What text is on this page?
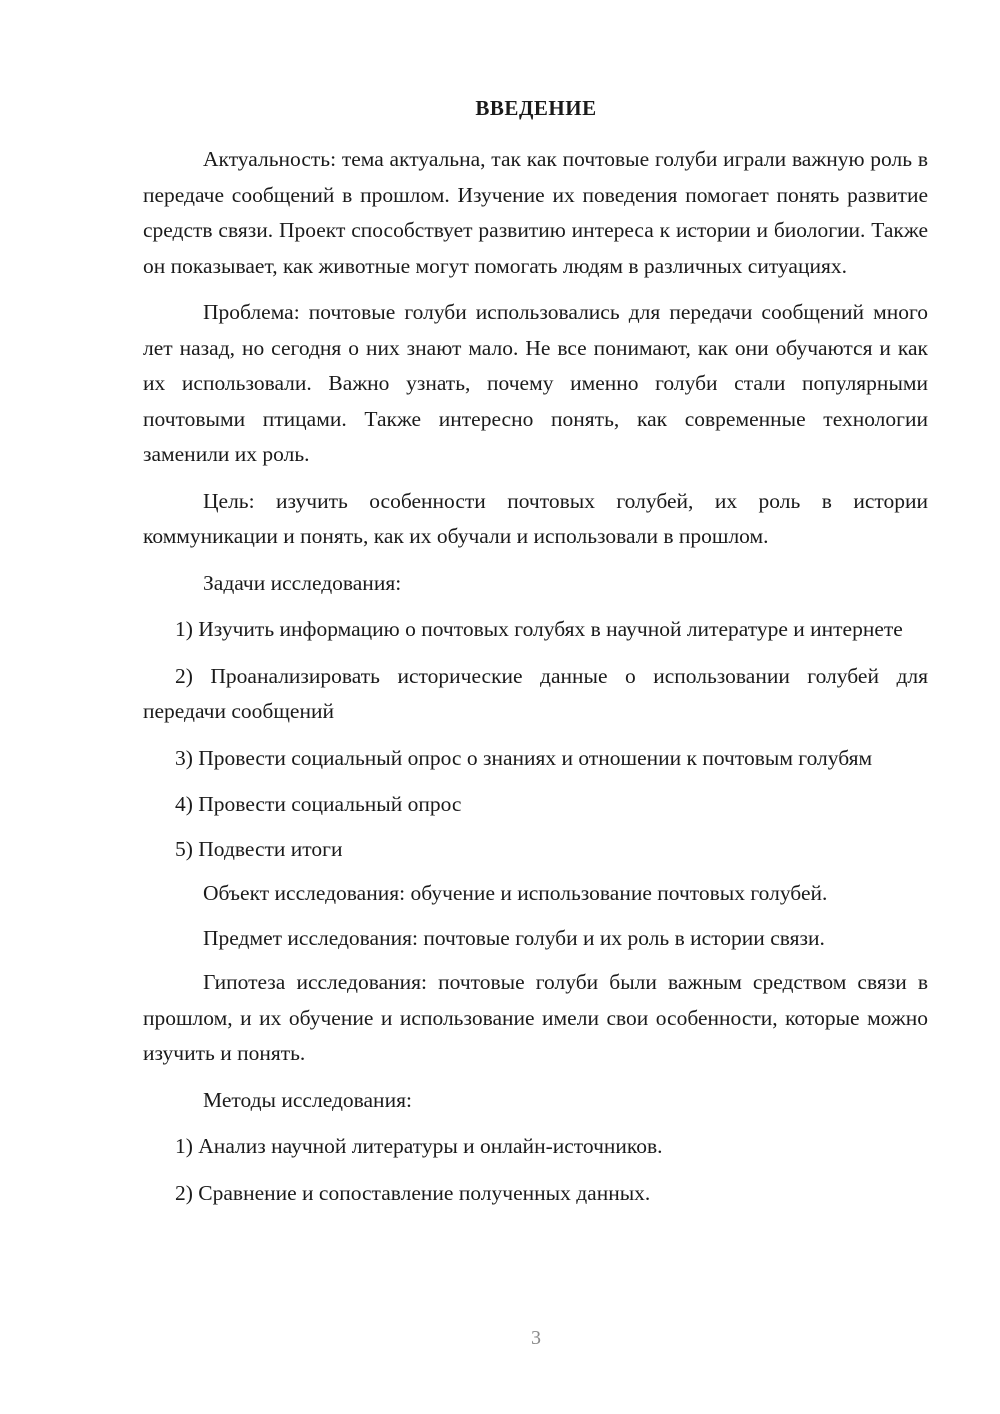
ВВЕДЕНИЕ

Актуальность: тема актуальна, так как почтовые голуби играли важную роль в передаче сообщений в прошлом. Изучение их поведения помогает понять развитие средств связи. Проект способствует развитию интереса к истории и биологии. Также он показывает, как животные могут помогать людям в различных ситуациях.

Проблема: почтовые голуби использовались для передачи сообщений много лет назад, но сегодня о них знают мало. Не все понимают, как они обучаются и как их использовали. Важно узнать, почему именно голуби стали популярными почтовыми птицами. Также интересно понять, как современные технологии заменили их роль.

Цель: изучить особенности почтовых голубей, их роль в истории коммуникации и понять, как их обучали и использовали в прошлом.

Задачи исследования:

1) Изучить информацию о почтовых голубях в научной литературе и интернете

2) Проанализировать исторические данные о использовании голубей для передачи сообщений

3) Провести социальный опрос о знаниях и отношении к почтовым голубям

4) Провести социальный опрос

5) Подвести итоги

Объект исследования: обучение и использование почтовых голубей.

Предмет исследования: почтовые голуби и их роль в истории связи.

Гипотеза исследования: почтовые голуби были важным средством связи в прошлом, и их обучение и использование имели свои особенности, которые можно изучить и понять.

Методы исследования:

1) Анализ научной литературы и онлайн-источников.

2) Сравнение и сопоставление полученных данных.

3
